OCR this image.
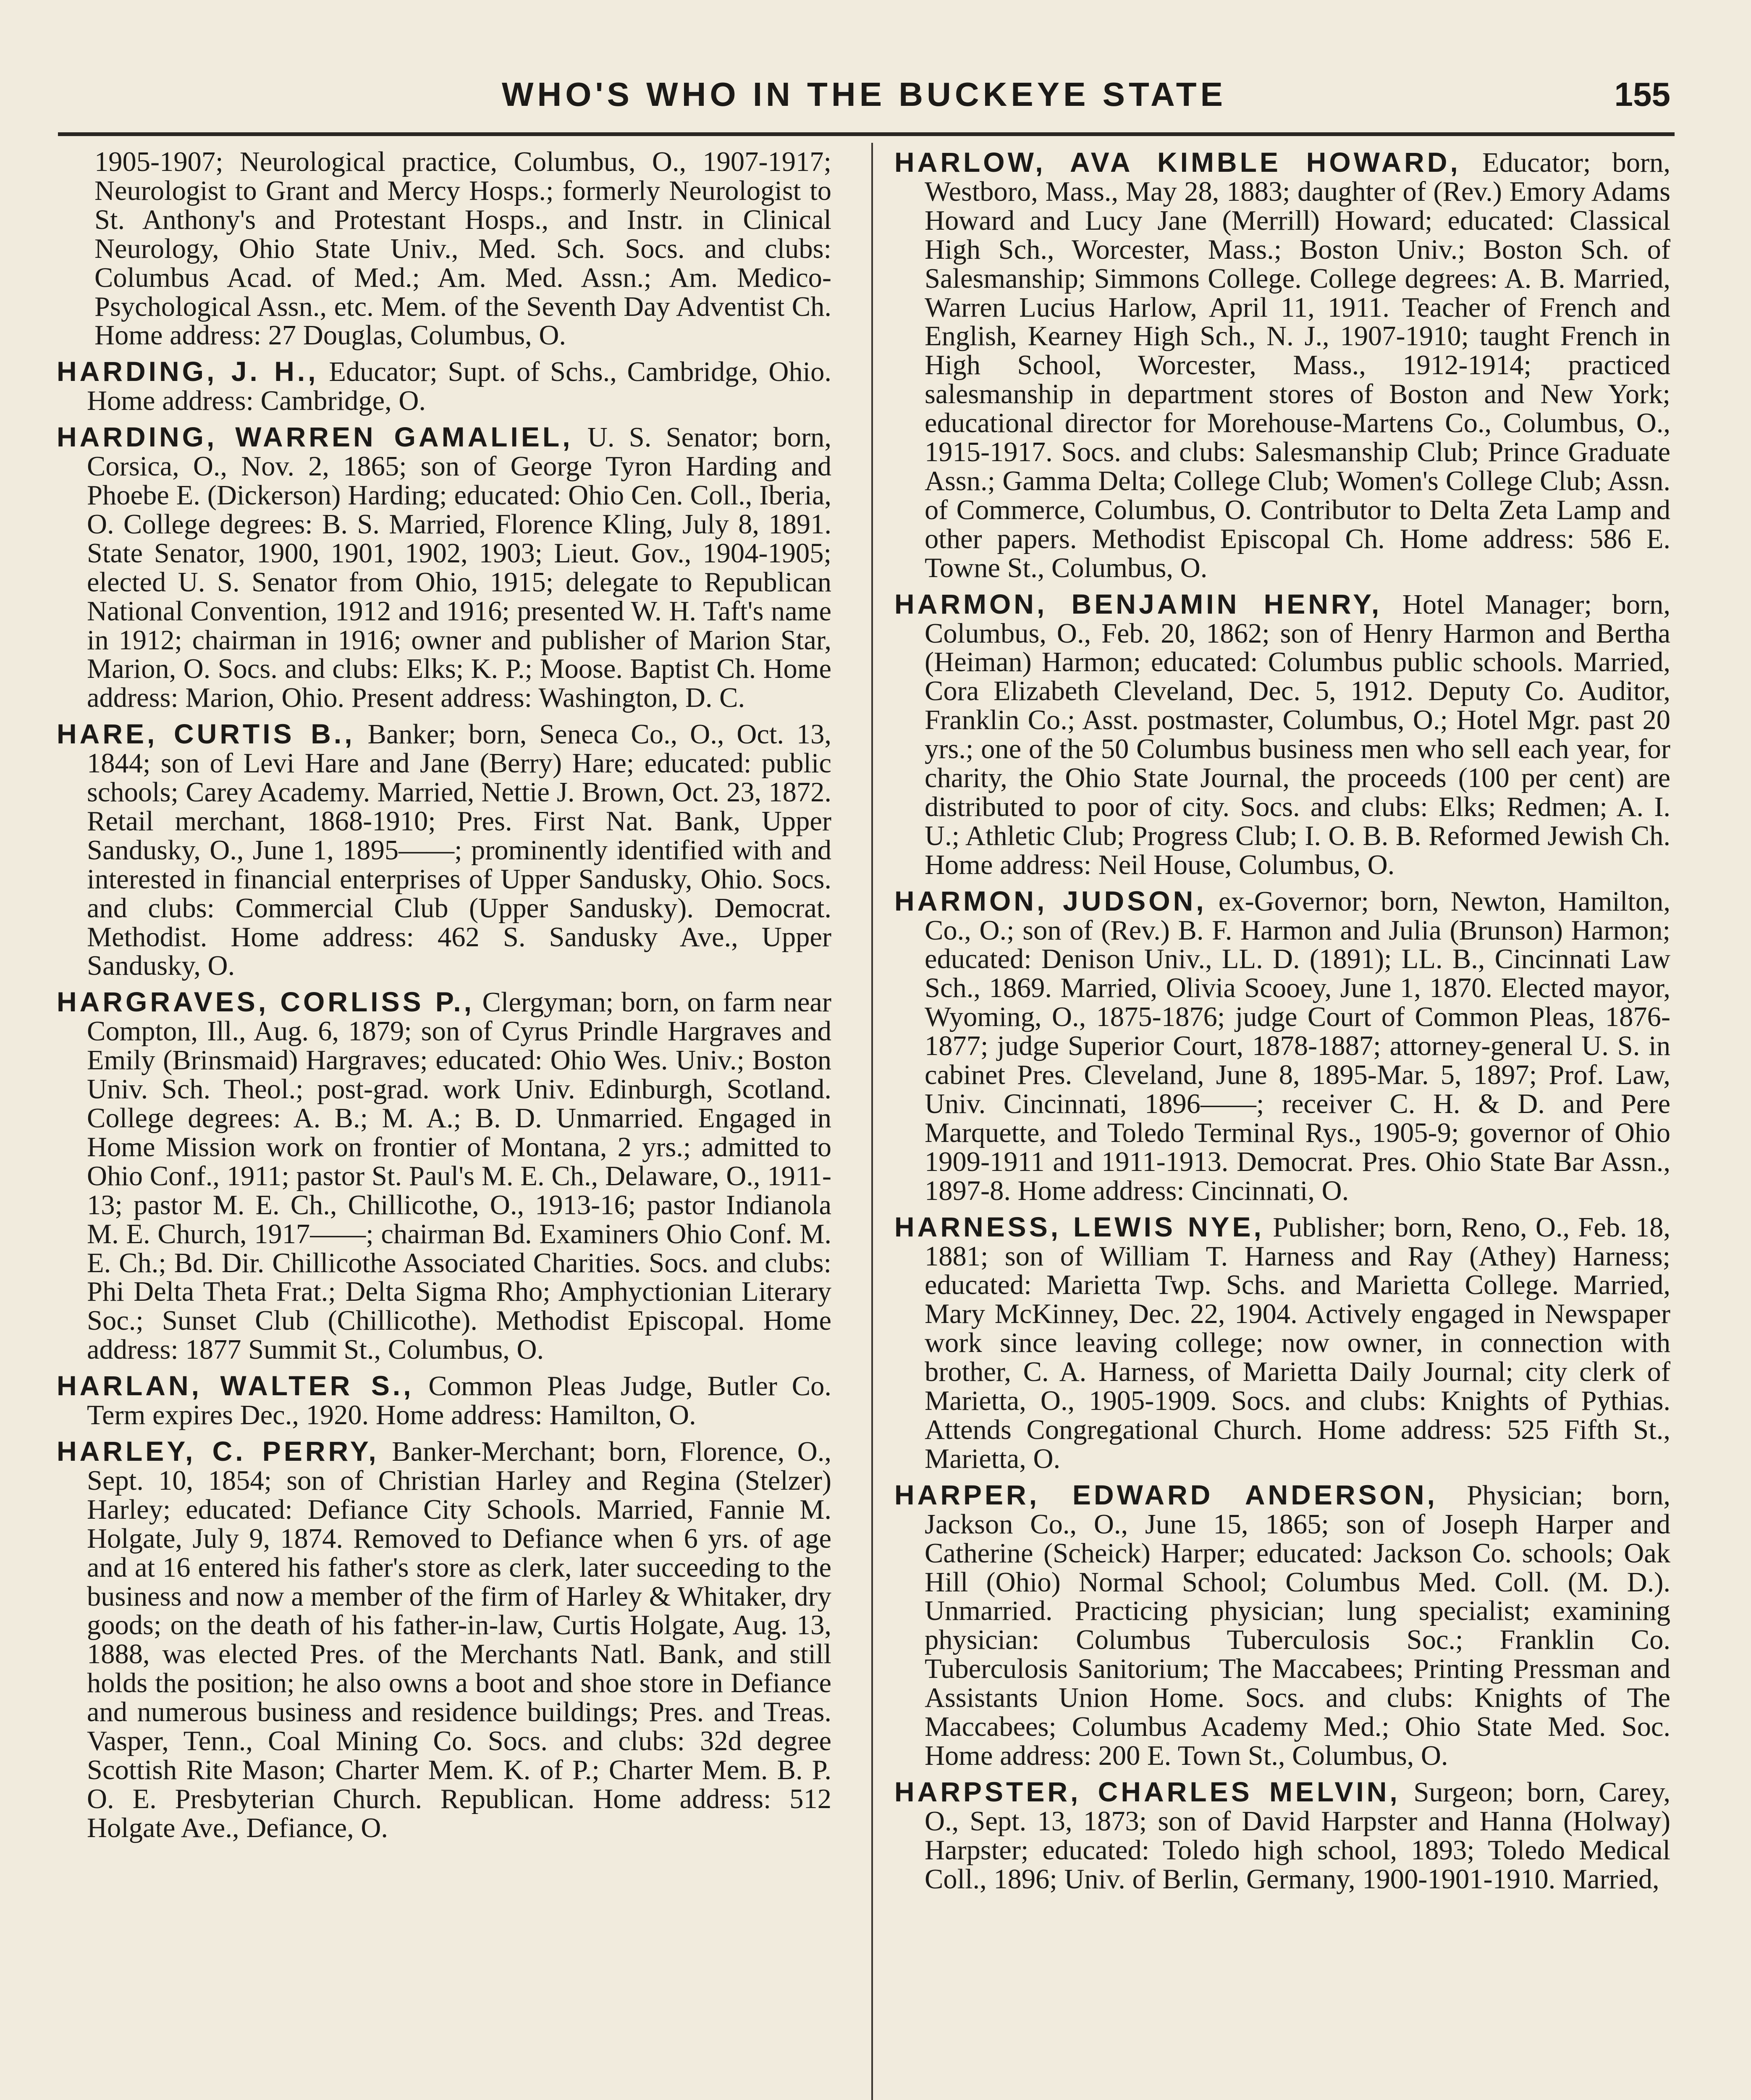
WHO'S WHO IN THE BUCKEYE STATE	155

1905-1907; Neurological practice, Columbus, O., 1907-1917; Neurologist to Grant and Mercy Hosps.; formerly Neurologist to St. Anthony's and Protestant Hosps., and Instr. in Clinical Neurology, Ohio State Univ., Med. Sch. Socs. and clubs: Columbus Acad. of Med.; Am. Med. Assn.; Am. Medico-Psychological Assn., etc. Mem. of the Seventh Day Adventist Ch. Home address: 27 Douglas, Columbus, O.

HARDING, J. H., Educator; Supt. of Schs., Cambridge, Ohio. Home address: Cambridge, O.

HARDING, WARREN GAMALIEL, U. S. Senator; born, Corsica, O., Nov. 2, 1865; son of George Tyron Harding and Phoebe E. (Dickerson) Harding; educated: Ohio Cen. Coll., Iberia, O. College degrees: B. S. Married, Florence Kling, July 8, 1891. State Senator, 1900, 1901, 1902, 1903; Lieut. Gov., 1904-1905; elected U. S. Senator from Ohio, 1915; delegate to Republican National Convention, 1912 and 1916; presented W. H. Taft's name in 1912; chairman in 1916; owner and publisher of Marion Star, Marion, O. Socs. and clubs: Elks; K. P.; Moose. Baptist Ch. Home address: Marion, Ohio. Present address: Washington, D. C.

HARE, CURTIS B., Banker; born, Seneca Co., O., Oct. 13, 1844; son of Levi Hare and Jane (Berry) Hare; educated: public schools; Carey Academy. Married, Nettie J. Brown, Oct. 23, 1872. Retail merchant, 1868-1910; Pres. First Nat. Bank, Upper Sandusky, O., June 1, 1895——; prominently identified with and interested in financial enterprises of Upper Sandusky, Ohio. Socs. and clubs: Commercial Club (Upper Sandusky). Democrat. Methodist. Home address: 462 S. Sandusky Ave., Upper Sandusky, O.

HARGRAVES, CORLISS P., Clergyman; born, on farm near Compton, Ill., Aug. 6, 1879; son of Cyrus Prindle Hargraves and Emily (Brinsmaid) Hargraves; educated: Ohio Wes. Univ.; Boston Univ. Sch. Theol.; post-grad. work Univ. Edinburgh, Scotland. College degrees: A. B.; M. A.; B. D. Unmarried. Engaged in Home Mission work on frontier of Montana, 2 yrs.; admitted to Ohio Conf., 1911; pastor St. Paul's M. E. Ch., Delaware, O., 1911-13; pastor M. E. Ch., Chillicothe, O., 1913-16; pastor Indianola M. E. Church, 1917——; chairman Bd. Examiners Ohio Conf. M. E. Ch.; Bd. Dir. Chillicothe Associated Charities. Socs. and clubs: Phi Delta Theta Frat.; Delta Sigma Rho; Amphyctionian Literary Soc.; Sunset Club (Chillicothe). Methodist Episcopal. Home address: 1877 Summit St., Columbus, O.

HARLAN, WALTER S., Common Pleas Judge, Butler Co. Term expires Dec., 1920. Home address: Hamilton, O.

HARLEY, C. PERRY, Banker-Merchant; born, Florence, O., Sept. 10, 1854; son of Christian Harley and Regina (Stelzer) Harley; educated: Defiance City Schools. Married, Fannie M. Holgate, July 9, 1874. Removed to Defiance when 6 yrs. of age and at 16 entered his father's store as clerk, later succeeding to the business and now a member of the firm of Harley & Whitaker, dry goods; on the death of his father-in-law, Curtis Holgate, Aug. 13, 1888, was elected Pres. of the Merchants Natl. Bank, and still holds the position; he also owns a boot and shoe store in Defiance and numerous business and residence buildings; Pres. and Treas. Vasper, Tenn., Coal Mining Co. Socs. and clubs: 32d degree Scottish Rite Mason; Charter Mem. K. of P.; Charter Mem. B. P. O. E. Presbyterian Church. Republican. Home address: 512 Holgate Ave., Defiance, O.

HARLOW, AVA KIMBLE HOWARD, Educator; born, Westboro, Mass., May 28, 1883; daughter of (Rev.) Emory Adams Howard and Lucy Jane (Merrill) Howard; educated: Classical High Sch., Worcester, Mass.; Boston Univ.; Boston Sch. of Salesmanship; Simmons College. College degrees: A. B. Married, Warren Lucius Harlow, April 11, 1911. Teacher of French and English, Kearney High Sch., N. J., 1907-1910; taught French in High School, Worcester, Mass., 1912-1914; practiced salesmanship in department stores of Boston and New York; educational director for Morehouse-Martens Co., Columbus, O., 1915-1917. Socs. and clubs: Salesmanship Club; Prince Graduate Assn.; Gamma Delta; College Club; Women's College Club; Assn. of Commerce, Columbus, O. Contributor to Delta Zeta Lamp and other papers. Methodist Episcopal Ch. Home address: 586 E. Towne St., Columbus, O.

HARMON, BENJAMIN HENRY, Hotel Manager; born, Columbus, O., Feb. 20, 1862; son of Henry Harmon and Bertha (Heiman) Harmon; educated: Columbus public schools. Married, Cora Elizabeth Cleveland, Dec. 5, 1912. Deputy Co. Auditor, Franklin Co.; Asst. postmaster, Columbus, O.; Hotel Mgr. past 20 yrs.; one of the 50 Columbus business men who sell each year, for charity, the Ohio State Journal, the proceeds (100 per cent) are distributed to poor of city. Socs. and clubs: Elks; Redmen; A. I. U.; Athletic Club; Progress Club; I. O. B. B. Reformed Jewish Ch. Home address: Neil House, Columbus, O.

HARMON, JUDSON, ex-Governor; born, Newton, Hamilton, Co., O.; son of (Rev.) B. F. Harmon and Julia (Brunson) Harmon; educated: Denison Univ., LL. D. (1891); LL. B., Cincinnati Law Sch., 1869. Married, Olivia Scooey, June 1, 1870. Elected mayor, Wyoming, O., 1875-1876; judge Court of Common Pleas, 1876-1877; judge Superior Court, 1878-1887; attorney-general U. S. in cabinet Pres. Cleveland, June 8, 1895-Mar. 5, 1897; Prof. Law, Univ. Cincinnati, 1896——; receiver C. H. & D. and Pere Marquette, and Toledo Terminal Rys., 1905-9; governor of Ohio 1909-1911 and 1911-1913. Democrat. Pres. Ohio State Bar Assn., 1897-8. Home address: Cincinnati, O.

HARNESS, LEWIS NYE, Publisher; born, Reno, O., Feb. 18, 1881; son of William T. Harness and Ray (Athey) Harness; educated: Marietta Twp. Schs. and Marietta College. Married, Mary McKinney, Dec. 22, 1904. Actively engaged in Newspaper work since leaving college; now owner, in connection with brother, C. A. Harness, of Marietta Daily Journal; city clerk of Marietta, O., 1905-1909. Socs. and clubs: Knights of Pythias. Attends Congregational Church. Home address: 525 Fifth St., Marietta, O.

HARPER, EDWARD ANDERSON, Physician; born, Jackson Co., O., June 15, 1865; son of Joseph Harper and Catherine (Scheick) Harper; educated: Jackson Co. schools; Oak Hill (Ohio) Normal School; Columbus Med. Coll. (M. D.). Unmarried. Practicing physician; lung specialist; examining physician: Columbus Tuberculosis Soc.; Franklin Co. Tuberculosis Sanitorium; The Maccabees; Printing Pressman and Assistants Union Home. Socs. and clubs: Knights of The Maccabees; Columbus Academy Med.; Ohio State Med. Soc. Home address: 200 E. Town St., Columbus, O.

HARPSTER, CHARLES MELVIN, Surgeon; born, Carey, O., Sept. 13, 1873; son of David Harpster and Hanna (Holway) Harpster; educated: Toledo high school, 1893; Toledo Medical Coll., 1896; Univ. of Berlin, Germany, 1900-1901-1910. Married,
